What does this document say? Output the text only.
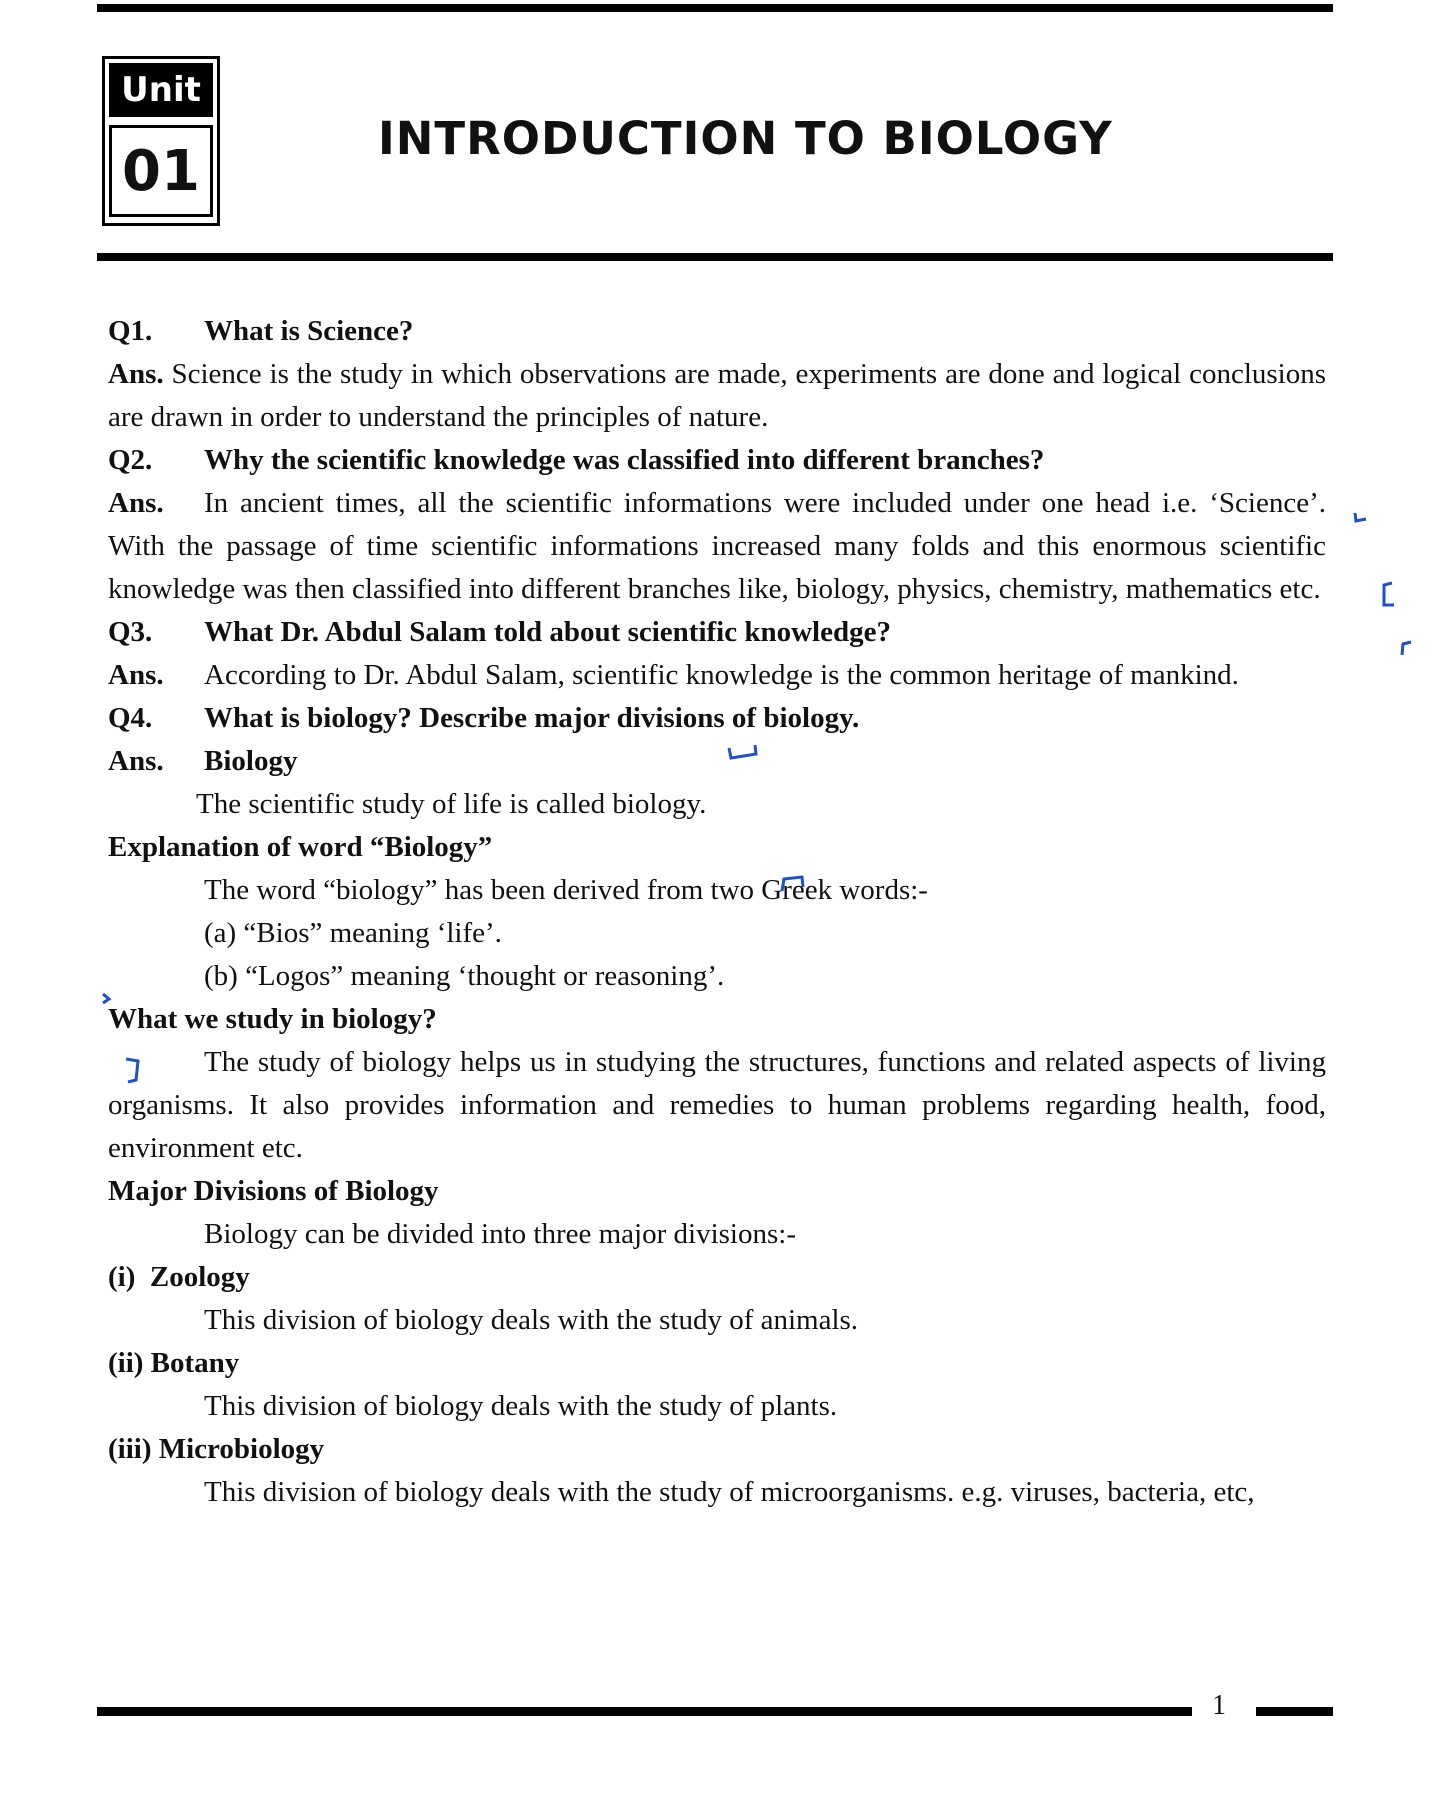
Unit
01	INTRODUCTION TO BIOLOGY

Q1.	What is Science?

Ans. Science is the study in which observations are made, experiments are done and logical conclusions are drawn in order to understand the principles of nature.

Q2.	Why the scientific knowledge was classified into different branches?

Ans. In ancient times, all the scientific informations were included under one head i.e. ‘Science’. With the passage of time scientific informations increased many folds and this enormous scientific knowledge was then classified into different branches like, biology, physics, chemistry, mathematics etc.

Q3.	What Dr. Abdul Salam told about scientific knowledge?

Ans. According to Dr. Abdul Salam, scientific knowledge is the common heritage of mankind.

Q4.	What is biology? Describe major divisions of biology.

Ans.	Biology

The scientific study of life is called biology.

Explanation of word “Biology”

The word “biology” has been derived from two Greek words:-

(a) “Bios” meaning ‘life’.

(b) “Logos” meaning ‘thought or reasoning’.

What we study in biology?

The study of biology helps us in studying the structures, functions and related aspects of living organisms. It also provides information and remedies to human problems regarding health, food, environment etc.

Major Divisions of Biology

Biology can be divided into three major divisions:-

(i)  Zoology

This division of biology deals with the study of animals.

(ii) Botany

This division of biology deals with the study of plants.

(iii) Microbiology

This division of biology deals with the study of microorganisms. e.g. viruses, bacteria, etc,

1
